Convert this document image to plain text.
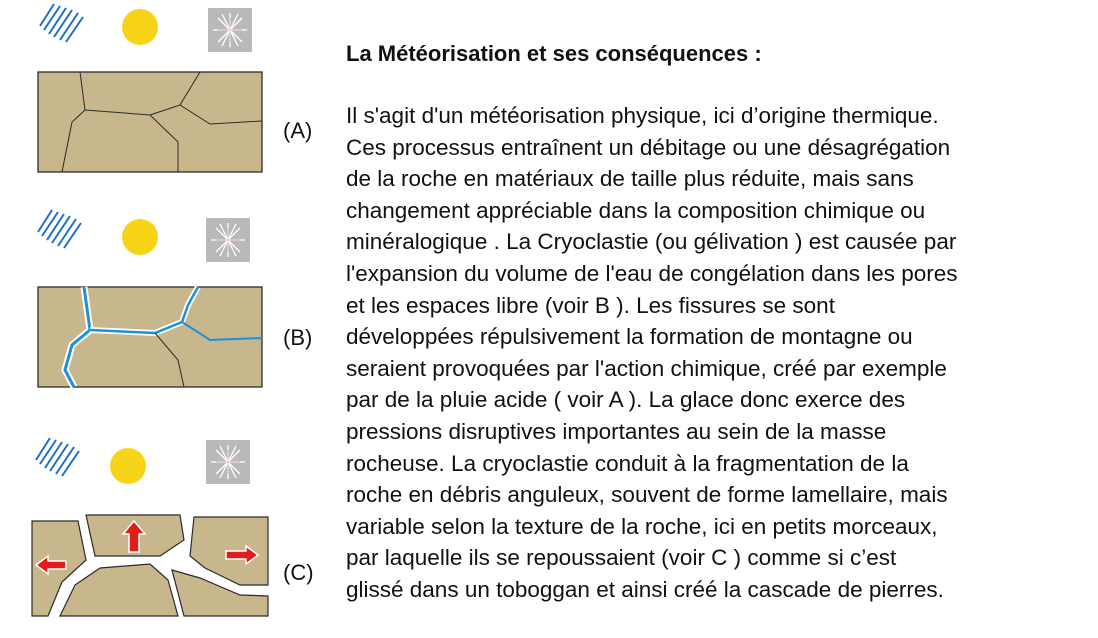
(A)
(B)
(C)
La Météorisation et ses conséquences :
Il s'agit d'un météorisation physique, ici d’origine thermique.
Ces processus entraînent un débitage ou une désagrégation
de la roche en matériaux de taille plus réduite, mais sans
changement appréciable dans la composition chimique ou
minéralogique . La Cryoclastie (ou gélivation ) est causée par
l'expansion du volume de l'eau de congélation dans les pores
et les espaces libre (voir B ). Les fissures se sont
développées répulsivement la formation de montagne ou
seraient provoquées par l'action chimique, créé par exemple
par de la pluie acide ( voir A ). La glace donc exerce des
pressions disruptives importantes au sein de la masse
rocheuse. La cryoclastie conduit à la fragmentation de la
roche en débris anguleux, souvent de forme lamellaire, mais
variable selon la texture de la roche, ici en petits morceaux,
par laquelle ils se repoussaient (voir C ) comme si c’est
glissé dans un toboggan et ainsi créé la cascade de pierres.
